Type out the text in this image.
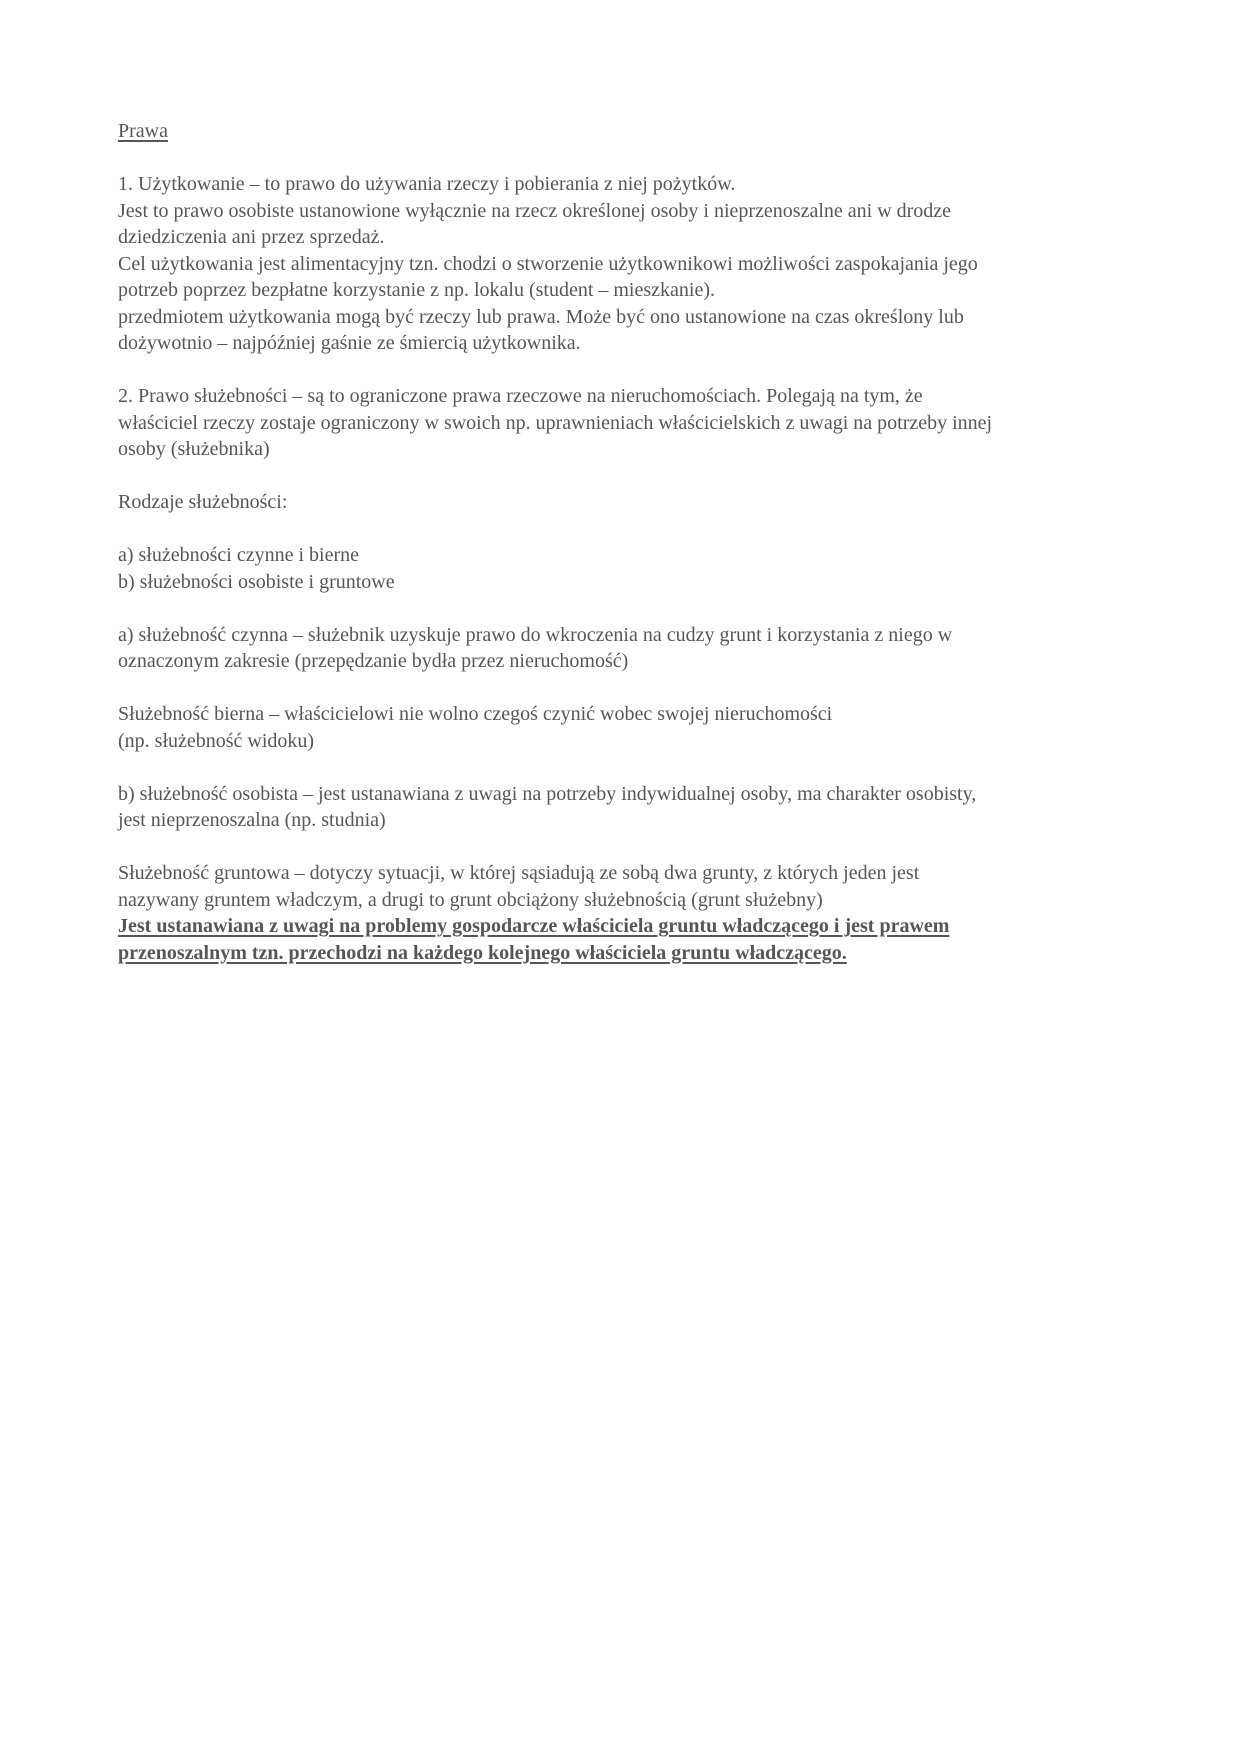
Prawa

1. Użytkowanie – to prawo do używania rzeczy i pobierania z niej pożytków.

Jest to prawo osobiste ustanowione wyłącznie na rzecz określonej osoby i nieprzenoszalne ani w drodze

dziedziczenia ani przez sprzedaż.

Cel użytkowania jest alimentacyjny tzn. chodzi o stworzenie użytkownikowi możliwości zaspokajania jego

potrzeb poprzez bezpłatne korzystanie z np. lokalu (student – mieszkanie).

przedmiotem użytkowania mogą być rzeczy lub prawa. Może być ono ustanowione na czas określony lub

dożywotnio – najpóźniej gaśnie ze śmiercią użytkownika.

2. Prawo służebności – są to ograniczone prawa rzeczowe na nieruchomościach. Polegają na tym, że

właściciel rzeczy zostaje ograniczony w swoich np. uprawnieniach właścicielskich z uwagi na potrzeby innej

osoby (służebnika)

Rodzaje służebności:

a) służebności czynne i bierne

b) służebności osobiste i gruntowe

a) służebność czynna – służebnik uzyskuje prawo do wkroczenia na cudzy grunt i korzystania z niego w

oznaczonym zakresie (przepędzanie bydła przez nieruchomość)

Służebność bierna – właścicielowi nie wolno czegoś czynić wobec swojej nieruchomości

(np. służebność widoku)

b) służebność osobista – jest ustanawiana z uwagi na potrzeby indywidualnej osoby, ma charakter osobisty,

jest nieprzenoszalna (np. studnia)

Służebność gruntowa – dotyczy sytuacji, w której sąsiadują ze sobą dwa grunty, z których jeden jest

nazywany gruntem władczym, a drugi to grunt obciążony służebnością (grunt służebny)

Jest ustanawiana z uwagi na problemy gospodarcze właściciela gruntu władczącego i jest prawem

przenoszalnym tzn. przechodzi na każdego kolejnego właściciela gruntu władczącego.
